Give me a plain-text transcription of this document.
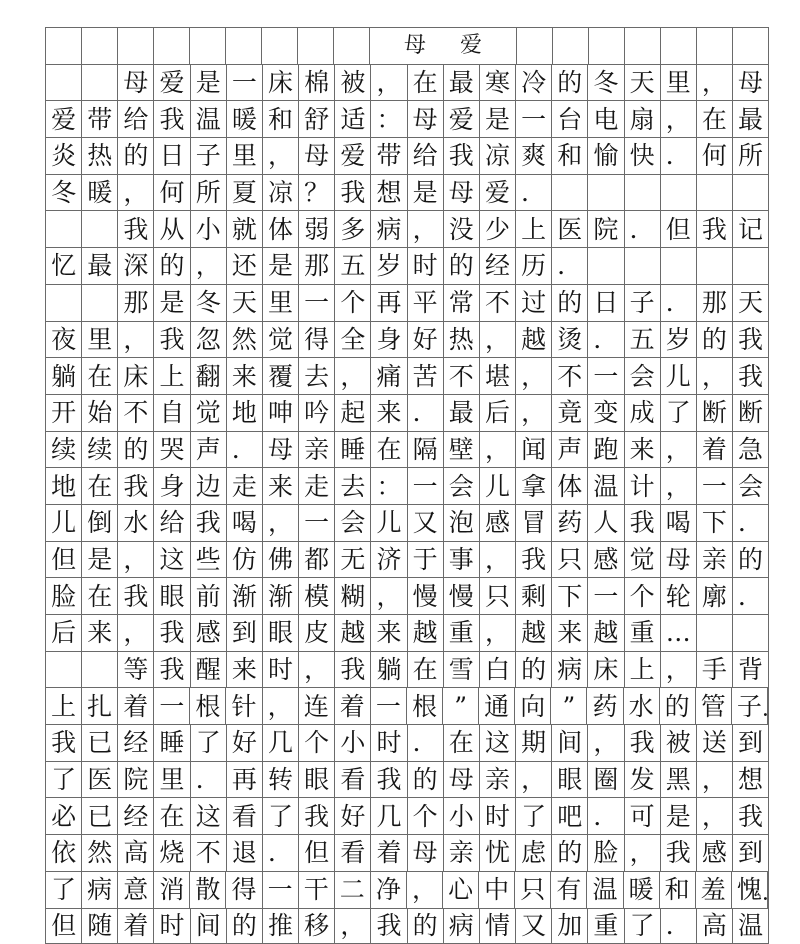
母爱
母 爱 是 一 床 棉 被 ， 在 最 寒 冷 的 冬 天 里 ， 母
爱 带 给 我 温 暖 和 舒 适 ： 母 爱 是 一 台 电 扇 ， 在 最
炎 热 的 日 子 里 ， 母 爱 带 给 我 凉 爽 和 愉 快 ． 何 所
冬 暖 ， 何 所 夏 凉 ？ 我 想 是 母 爱 ．
我 从 小 就 体 弱 多 病 ， 没 少 上 医 院 ． 但 我 记
忆 最 深 的 ， 还 是 那 五 岁 时 的 经 历 ．
那 是 冬 天 里 一 个 再 平 常 不 过 的 日 子 ． 那 天
夜 里 ， 我 忽 然 觉 得 全 身 好 热 ， 越 烫 ． 五 岁 的 我
躺 在 床 上 翻 来 覆 去 ， 痛 苦 不 堪 ， 不 一 会 儿 ， 我
开 始 不 自 觉 地 呻 吟 起 来 ． 最 后 ， 竟 变 成 了 断 断
续 续 的 哭 声 ． 母 亲 睡 在 隔 壁 ， 闻 声 跑 来 ， 着 急
地 在 我 身 边 走 来 走 去 ： 一 会 儿 拿 体 温 计 ， 一 会
儿 倒 水 给 我 喝 ， 一 会 儿 又 泡 感 冒 药 人 我 喝 下 ．
但 是 ， 这 些 仿 佛 都 无 济 于 事 ， 我 只 感 觉 母 亲 的
脸 在 我 眼 前 渐 渐 模 糊 ， 慢 慢 只 剩 下 一 个 轮 廓 ．
后 来 ， 我 感 到 眼 皮 越 来 越 重 ， 越 来 越 重 …
等 我 醒 来 时 ， 我 躺 在 雪 白 的 病 床 上 ， 手 背
上 扎 着 一 根 针 ， 连 着 一 根 ” 通 向 ” 药 水 的 管 子 ．
我 已 经 睡 了 好 几 个 小 时 ． 在 这 期 间 ， 我 被 送 到
了 医 院 里 ． 再 转 眼 看 我 的 母 亲 ， 眼 圈 发 黑 ， 想
必 已 经 在 这 看 了 我 好 几 个 小 时 了 吧 ． 可 是 ， 我
依 然 高 烧 不 退 ． 但 看 着 母 亲 忧 虑 的 脸 ， 我 感 到
了 病 意 消 散 得 一 干 二 净 ， 心 中 只 有 温 暖 和 羞 愧 ．
但 随 着 时 间 的 推 移 ， 我 的 病 情 又 加 重 了 ． 高 温
